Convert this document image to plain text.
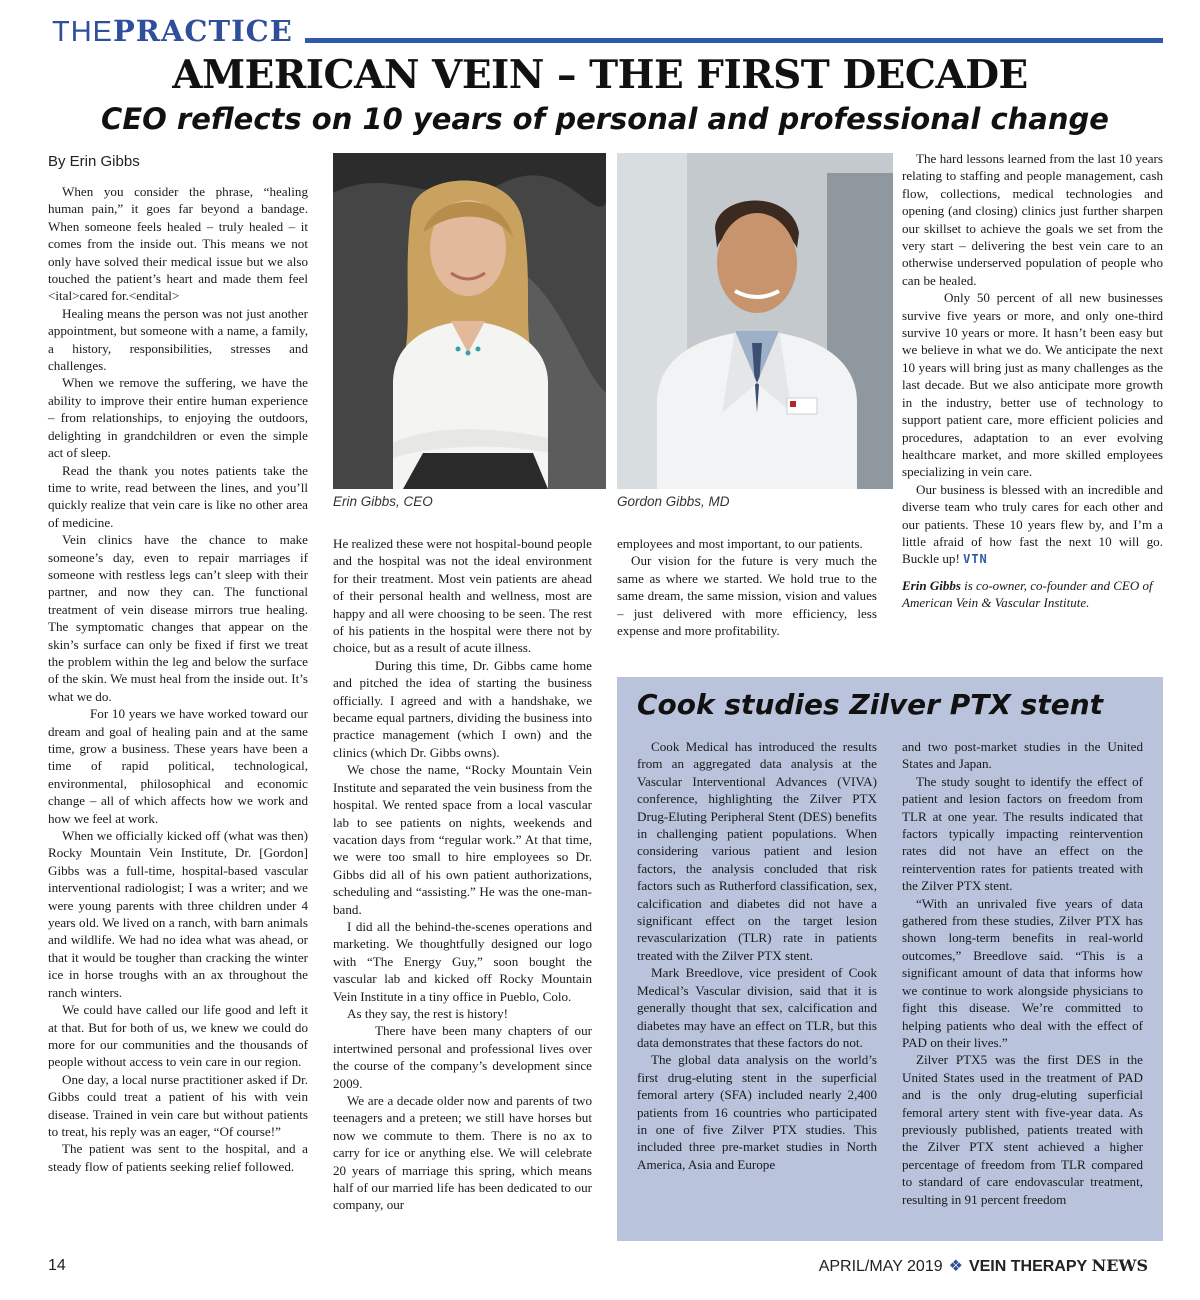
THEPRACTICE
AMERICAN VEIN – THE FIRST DECADE
CEO reflects on 10 years of personal and professional change
By Erin Gibbs

When you consider the phrase, “healing human pain,” it goes far beyond a bandage. When someone feels healed – truly healed – it comes from the inside out. This means we not only have solved their medical issue but we also touched the patient’s heart and made them feel <ital>cared for.<endital>

Healing means the person was not just another appointment, but someone with a name, a family, a history, responsibilities, stresses and challenges.

When we remove the suffering, we have the ability to improve their entire human experience – from relationships, to enjoying the outdoors, delighting in grandchildren or even the simple act of sleep.

Read the thank you notes patients take the time to write, read between the lines, and you’ll quickly realize that vein care is like no other area of medicine.

Vein clinics have the chance to make someone’s day, even to repair marriages if someone with restless legs can’t sleep with their partner, and now they can. The functional treatment of vein disease mirrors true healing. The symptomatic changes that appear on the skin’s surface can only be fixed if first we treat the problem within the leg and below the surface of the skin. We must heal from the inside out. It’s what we do.

For 10 years we have worked toward our dream and goal of healing pain and at the same time, grow a business. These years have been a time of rapid political, technological, environmental, philosophical and economic change – all of which affects how we work and how we feel at work.

When we officially kicked off (what was then) Rocky Mountain Vein Institute, Dr. [Gordon] Gibbs was a full-time, hospital-based vascular interventional radiologist; I was a writer; and we were young parents with three children under 4 years old. We lived on a ranch, with barn animals and wildlife. We had no idea what was ahead, or that it would be tougher than cracking the winter ice in horse troughs with an ax throughout the ranch winters.

We could have called our life good and left it at that. But for both of us, we knew we could do more for our communities and the thousands of people without access to vein care in our region.

One day, a local nurse practitioner asked if Dr. Gibbs could treat a patient of his with vein disease. Trained in vein care but without patients to treat, his reply was an eager, “Of course!”

The patient was sent to the hospital, and a steady flow of patients seeking relief followed.

Erin Gibbs, CEO	Gordon Gibbs, MD

He realized these were not hospital-bound people and the hospital was not the ideal environment for their treatment. Most vein patients are ahead of their personal health and wellness, most are happy and all were choosing to be seen. The rest of his patients in the hospital were there not by choice, but as a result of acute illness.

During this time, Dr. Gibbs came home and pitched the idea of starting the business officially. I agreed and with a handshake, we became equal partners, dividing the business into practice management (which I own) and the clinics (which Dr. Gibbs owns).

We chose the name, “Rocky Mountain Vein Institute and separated the vein business from the hospital. We rented space from a local vascular lab to see patients on nights, weekends and vacation days from “regular work.” At that time, we were too small to hire employees so Dr. Gibbs did all of his own patient authorizations, scheduling and “assisting.” He was the one-man-band.

I did all the behind-the-scenes operations and marketing. We thoughtfully designed our logo with “The Energy Guy,” soon bought the vascular lab and kicked off Rocky Mountain Vein Institute in a tiny office in Pueblo, Colo.

As they say, the rest is history!

There have been many chapters of our intertwined personal and professional lives over the course of the company’s development since 2009.

We are a decade older now and parents of two teenagers and a preteen; we still have horses but now we commute to them. There is no ax to carry for ice or anything else. We will celebrate 20 years of marriage this spring, which means half of our married life has been dedicated to our company, our

employees and most important, to our patients.

Our vision for the future is very much the same as where we started. We hold true to the same dream, the same mission, vision and values – just delivered with more efficiency, less expense and more profitability.

The hard lessons learned from the last 10 years relating to staffing and people management, cash flow, collections, medical technologies and opening (and closing) clinics just further sharpen our skillset to achieve the goals we set from the very start – delivering the best vein care to an otherwise underserved population of people who can be healed.

Only 50 percent of all new businesses survive five years or more, and only one-third survive 10 years or more. It hasn’t been easy but we believe in what we do. We anticipate the next 10 years will bring just as many challenges as the last decade. But we also anticipate more growth in the industry, better use of technology to support patient care, more efficient policies and procedures, adaptation to an ever evolving healthcare market, and more skilled employees specializing in vein care.

Our business is blessed with an incredible and diverse team who truly cares for each other and our patients. These 10 years flew by, and I’m a little afraid of how fast the next 10 will go. Buckle up! VTN

Erin Gibbs is co-owner, co-founder and CEO of American Vein & Vascular Institute.
Cook studies Zilver PTX stent

Cook Medical has introduced the results from an aggregated data analysis at the Vascular Interventional Advances (VIVA) conference, highlighting the Zilver PTX Drug-Eluting Peripheral Stent (DES) benefits in challenging patient populations. When considering various patient and lesion factors, the analysis concluded that risk factors such as Rutherford classification, sex, calcification and diabetes did not have a significant effect on the target lesion revascularization (TLR) rate in patients treated with the Zilver PTX stent.

Mark Breedlove, vice president of Cook Medical’s Vascular division, said that it is generally thought that sex, calcification and diabetes may have an effect on TLR, but this data demonstrates that these factors do not.

The global data analysis on the world’s first drug-eluting stent in the superficial femoral artery (SFA) included nearly 2,400 patients from 16 countries who participated in one of five Zilver PTX studies. This included three pre-market studies in North America, Asia and Europe

and two post-market studies in the United States and Japan.

The study sought to identify the effect of patient and lesion factors on freedom from TLR at one year. The results indicated that factors typically impacting reintervention rates did not have an effect on the reintervention rates for patients treated with the Zilver PTX stent.

“With an unrivaled five years of data gathered from these studies, Zilver PTX has shown long-term benefits in real-world outcomes,” Breedlove said. “This is a significant amount of data that informs how we continue to work alongside physicians to fight this disease. We’re committed to helping patients who deal with the effect of PAD on their lives.”

Zilver PTX5 was the first DES in the United States used in the treatment of PAD and is the only drug-eluting superficial femoral artery stent with five-year data. As previously published, patients treated with the Zilver PTX stent achieved a higher percentage of freedom from TLR compared to standard of care endovascular treatment, resulting in 91 percent freedom

14	APRIL/MAY 2019 ❖ VEIN THERAPY NEWS
